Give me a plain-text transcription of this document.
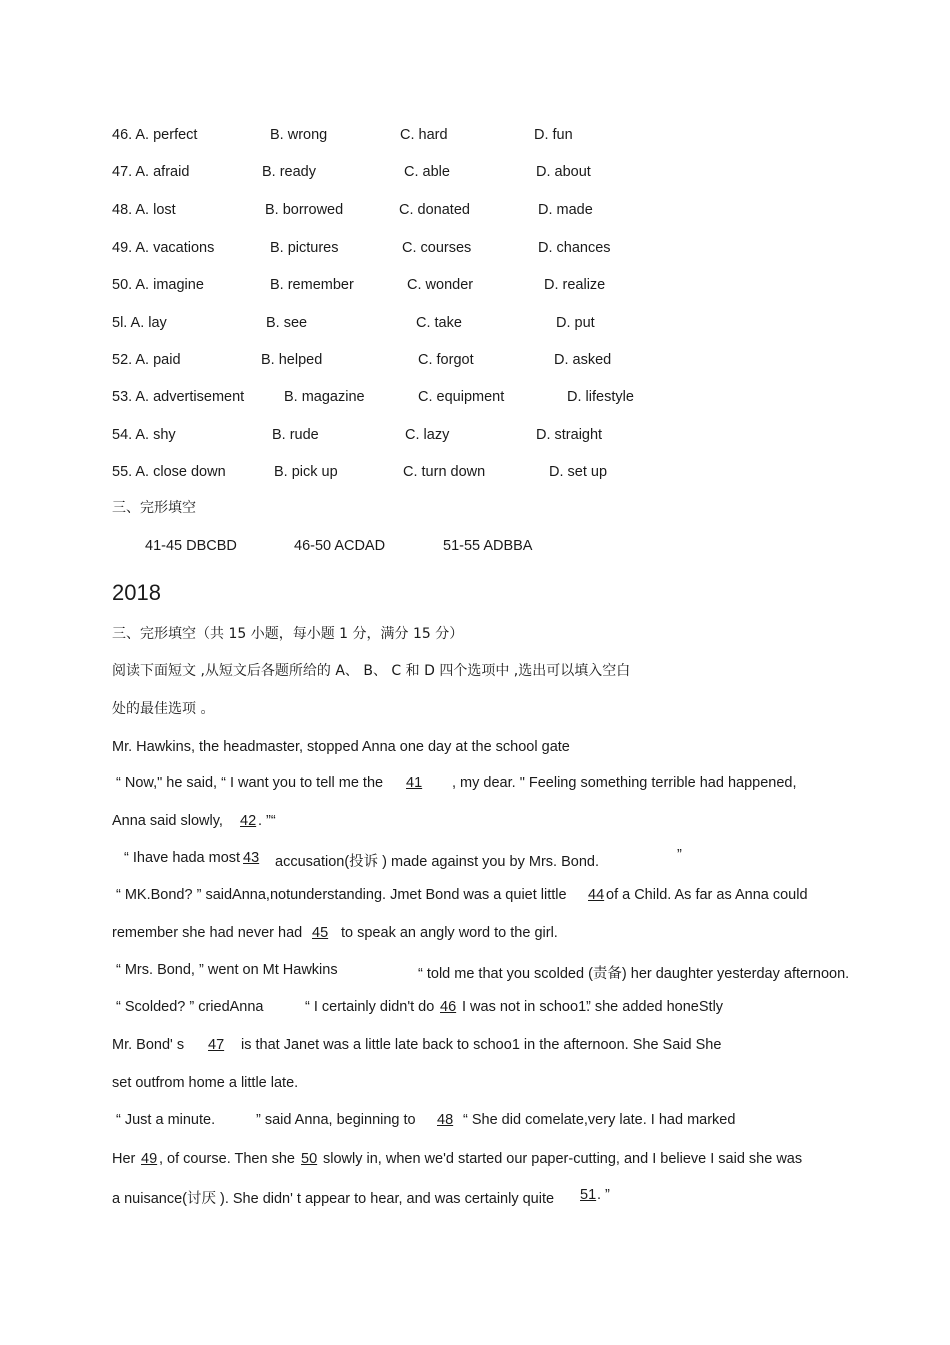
46. A. perfect	B. wrong	C. hard	D. fun
47. A. afraid	B. ready	C. able	D. about
48. A. lost	B. borrowed	C. donated	D. made
49. A. vacations	B. pictures	C. courses	D. chances
50. A. imagine	B. remember	C. wonder	D. realize
5l. A. lay	B. see	C. take	D. put
52. A. paid	B. helped	C. forgot	D. asked
53. A. advertisement	B. magazine	C. equipment	D. lifestyle
54. A. shy	B. rude	C. lazy	D. straight
55. A. close down	B. pick up	C. turn down	D. set up
三、完形填空
41-45 DBCBD	46-50 ACDAD	51-55 ADBBA
2018
三、完形填空（共 15 小题，每小题 1 分，满分 15 分）
阅读下面短文 ,从短文后各题所给的 A、 B、 C 和 D 四个选项中 ,选出可以填入空白
处的最佳选项 。
Mr. Hawkins, the headmaster, stopped Anna one day at the school gate
“ Now," he said, “ I want you to tell me the 41 , my dear. " Feeling something terrible had happened,
Anna said slowly, 42 . ”“
“ Ihave hada most 43 accusation(投诉 ) made against you by Mrs. Bond.	”
“ MK.Bond? ” saidAnna,notunderstanding. Jmet Bond was a quiet little 44 of a Child. As far as Anna could
remember she had never had 45 to speak an angly word to the girl.
“ Mrs. Bond, ” went on Mt Hawkins	“ told me that you scolded (责备) her daughter yesterday afternoon.
“ Scolded? ” criedAnna	“ I certainly didn't do 46 I was not in schoo1.
” she added honeStly
Mr. Bond' s 47 is that Janet was a little late back to schoo1 in the afternoon. She Said She
set outfrom home a little late.
“ Just a minute.	” said Anna, beginning to 48 “ She did comelate,very late. I had marked
Her 49 , of course. Then she 50 slowly in, when we'd started our paper-cutting, and I believe I said she was
a nuisance(讨厌 ). She didn' t appear to hear, and was certainly quite 51 . ”
